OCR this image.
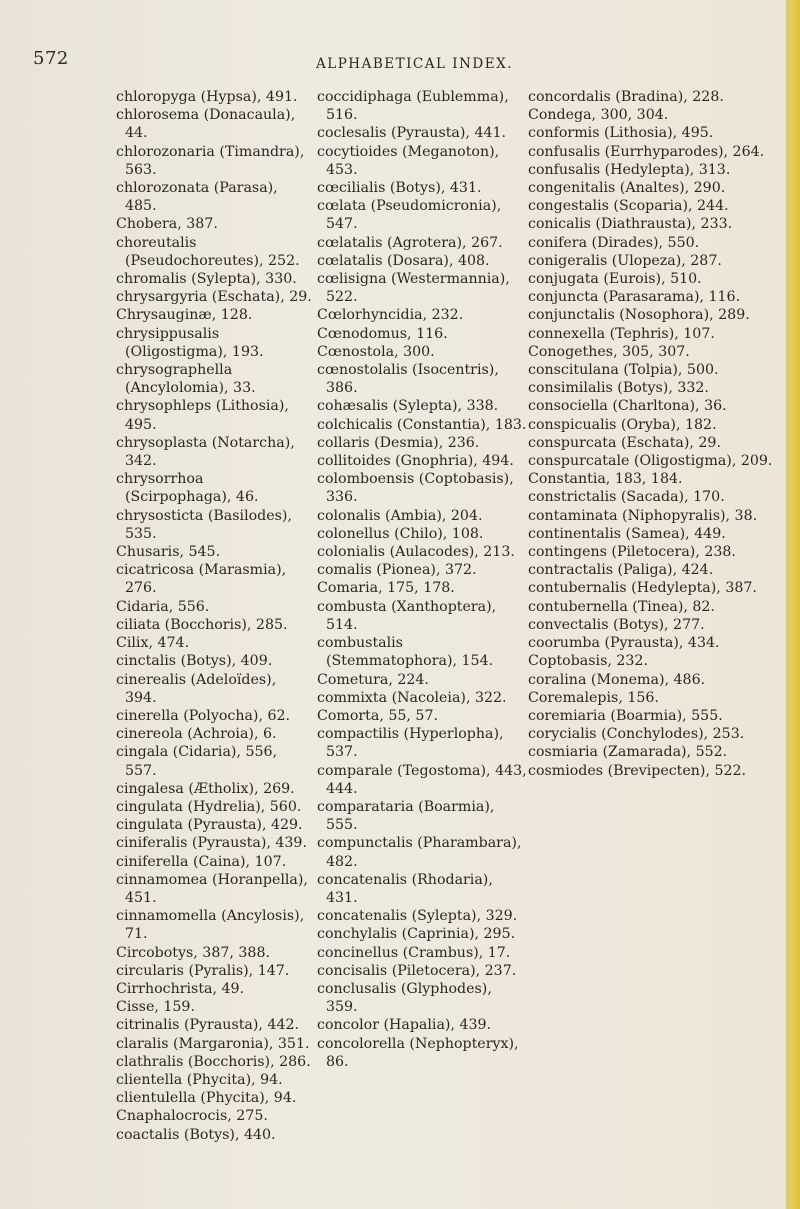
572	ALPHABETICAL INDEX.

chloropyga (Hypsa), 491.

chlorosema (Donacaula), 44.

chlorozonaria (Timandra), 563.

chlorozonata (Parasa), 485.

Chobera, 387.

choreutalis (Pseudochoreutes), 252.

chromalis (Sylepta), 330.

chrysargyria (Eschata), 29.

Chrysauginæ, 128.

chrysippusalis (Oligostigma), 193.

chrysographella (Ancylolomia), 33.

chrysophleps (Lithosia), 495.

chrysoplasta (Notarcha), 342.

chrysorrhoa (Scirpophaga), 46.

chrysosticta (Basilodes), 535.

Chusaris, 545.

cicatricosa (Marasmia), 276.

Cidaria, 556.

ciliata (Bocchoris), 285.

Cilix, 474.

cinctalis (Botys), 409.

cinerealis (Adeloïdes), 394.

cinerella (Polyocha), 62.

cinereola (Achroia), 6.

cingala (Cidaria), 556, 557.

cingalesa (Ætholix), 269.

cingulata (Hydrelia), 560.

cingulata (Pyrausta), 429.

ciniferalis (Pyrausta), 439.

ciniferella (Caina), 107.

cinnamomea (Horanpella), 451.

cinnamomella (Ancylosis), 71.

Circobotys, 387, 388.

circularis (Pyralis), 147.

Cirrhochrista, 49.

Cisse, 159.

citrinalis (Pyrausta), 442.

claralis (Margaronia), 351.

clathralis (Bocchoris), 286.

clientella (Phycita), 94.

clientulella (Phycita), 94.

Cnaphalocrocis, 275.

coactalis (Botys), 440.

coccidiphaga (Eublemma), 516.

coclesalis (Pyrausta), 441.

cocytioides (Meganoton), 453.

cœcilialis (Botys), 431.

cœlata (Pseudomicronia), 547.

cœlatalis (Agrotera), 267.

cœlatalis (Dosara), 408.

cœlisigna (Westermannia), 522.

Cœlorhyncidia, 232.

Cœnodomus, 116.

Cœnostola, 300.

cœnostolalis (Isocentris), 386.

cohæsalis (Sylepta), 338.

colchicalis (Constantia), 183.

collaris (Desmia), 236.

collitoides (Gnophria), 494.

colomboensis (Coptobasis), 336.

colonalis (Ambia), 204.

colonellus (Chilo), 108.

colonialis (Aulacodes), 213.

comalis (Pionea), 372.

Comaria, 175, 178.

combusta (Xanthoptera), 514.

combustalis (Stemmatophora), 154.

Cometura, 224.

commixta (Nacoleia), 322.

Comorta, 55, 57.

compactilis (Hyperlopha), 537.

comparale (Tegostoma), 443, 444.

comparataria (Boarmia), 555.

compunctalis (Pharambara), 482.

concatenalis (Rhodaria), 431.

concatenalis (Sylepta), 329.

conchylalis (Caprinia), 295.

concinellus (Crambus), 17.

concisalis (Piletocera), 237.

conclusalis (Glyphodes), 359.

concolor (Hapalia), 439.

concolorella (Nephopteryx), 86.

concordalis (Bradina), 228.

Condega, 300, 304.

conformis (Lithosia), 495.

confusalis (Eurrhyparodes), 264.

confusalis (Hedylepta), 313.

congenitalis (Analtes), 290.

congestalis (Scoparia), 244.

conicalis (Diathrausta), 233.

conifera (Dirades), 550.

conigeralis (Ulopeza), 287.

conjugata (Eurois), 510.

conjuncta (Parasarama), 116.

conjunctalis (Nosophora), 289.

connexella (Tephris), 107.

Conogethes, 305, 307.

conscitulana (Tolpia), 500.

consimilalis (Botys), 332.

consociella (Charltona), 36.

conspicualis (Oryba), 182.

conspurcata (Eschata), 29.

conspurcatale (Oligostigma), 209.

Constantia, 183, 184.

constrictalis (Sacada), 170.

contaminata (Niphopyralis), 38.

continentalis (Samea), 449.

contingens (Piletocera), 238.

contractalis (Paliga), 424.

contubernalis (Hedylepta), 387.

contubernella (Tinea), 82.

convectalis (Botys), 277.

coorumba (Pyrausta), 434.

Coptobasis, 232.

coralina (Monema), 486.

Coremalepis, 156.

coremiaria (Boarmia), 555.

corycialis (Conchylodes), 253.

cosmiaria (Zamarada), 552.

cosmiodes (Brevipecten), 522.
